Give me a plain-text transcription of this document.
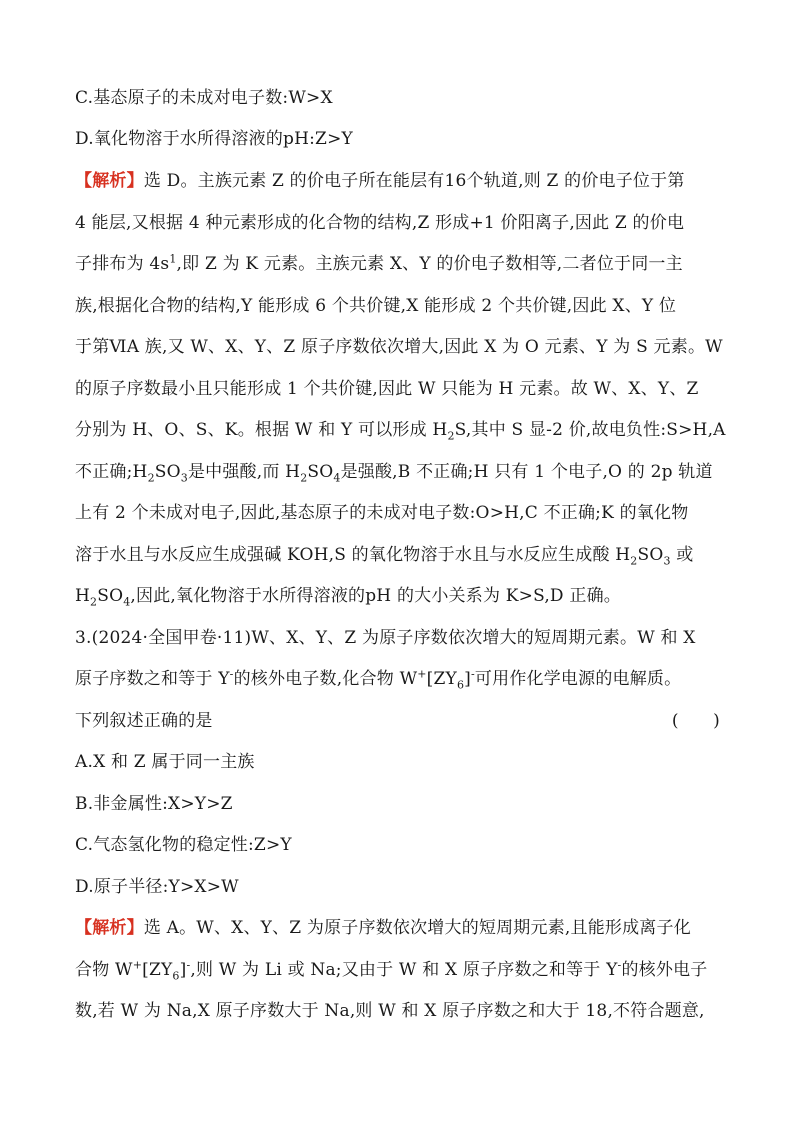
C.基态原子的未成对电子数:W>X
D.氧化物溶于水所得溶液的pH:Z>Y
【解析】选 D。主族元素 Z 的价电子所在能层有16个轨道,则 Z 的价电子位于第
4 能层,又根据 4 种元素形成的化合物的结构,Z 形成+1 价阳离子,因此 Z 的价电
子排布为 $4s^1$,即 Z 为 K 元素。主族元素 X、Y 的价电子数相等,二者位于同一主
族,根据化合物的结构,Y 能形成 6 个共价键,X 能形成 2 个共价键,因此 X、Y 位
于第ⅥA 族,又 W、X、Y、Z 原子序数依次增大,因此 X 为 O 元素、Y 为 S 元素。W
的原子序数最小且只能形成 1 个共价键,因此 W 只能为 H 元素。故 W、X、Y、Z
分别为 H、O、S、K。根据 W 和 Y 可以形成 $H_2S$,其中 S 显-2 价,故电负性:S>H,A
不正确$;H_2SO_3$是中强酸,而 $H_2SO_4$是强酸,B 不正确;H 只有 1 个电子,O 的 2p 轨道
上有 2 个未成对电子,因此,基态原子的未成对电子数:O>H,C 不正确;K 的氧化物
溶于水且与水反应生成强碱 KOH,S 的氧化物溶于水且与水反应生成酸 $H_2SO_3$ 或
$H_2SO_4$,因此,氧化物溶于水所得溶液的pH 的大小关系为 K>S,D 正确。
3.(2024·全国甲卷·11)W、X、Y、Z 为原子序数依次增大的短周期元素。W 和 X
原子序数之和等于 Y-的核外电子数,化合物 $W^+[ZY_6]^-$可用作化学电源的电解质。
下列叙述正确的是	(　　)
A.X 和 Z 属于同一主族
B.非金属性:X>Y>Z
C.气态氢化物的稳定性:Z>Y
D.原子半径:Y>X>W
【解析】选 A。W、X、Y、Z 为原子序数依次增大的短周期元素,且能形成离子化
合物 $W^+[ZY_6]^-$,则 W 为 Li 或 Na;又由于 W 和 X 原子序数之和等于 Y-的核外电子
数,若 W 为 Na,X 原子序数大于 Na,则 W 和 X 原子序数之和大于 18,不符合题意,
